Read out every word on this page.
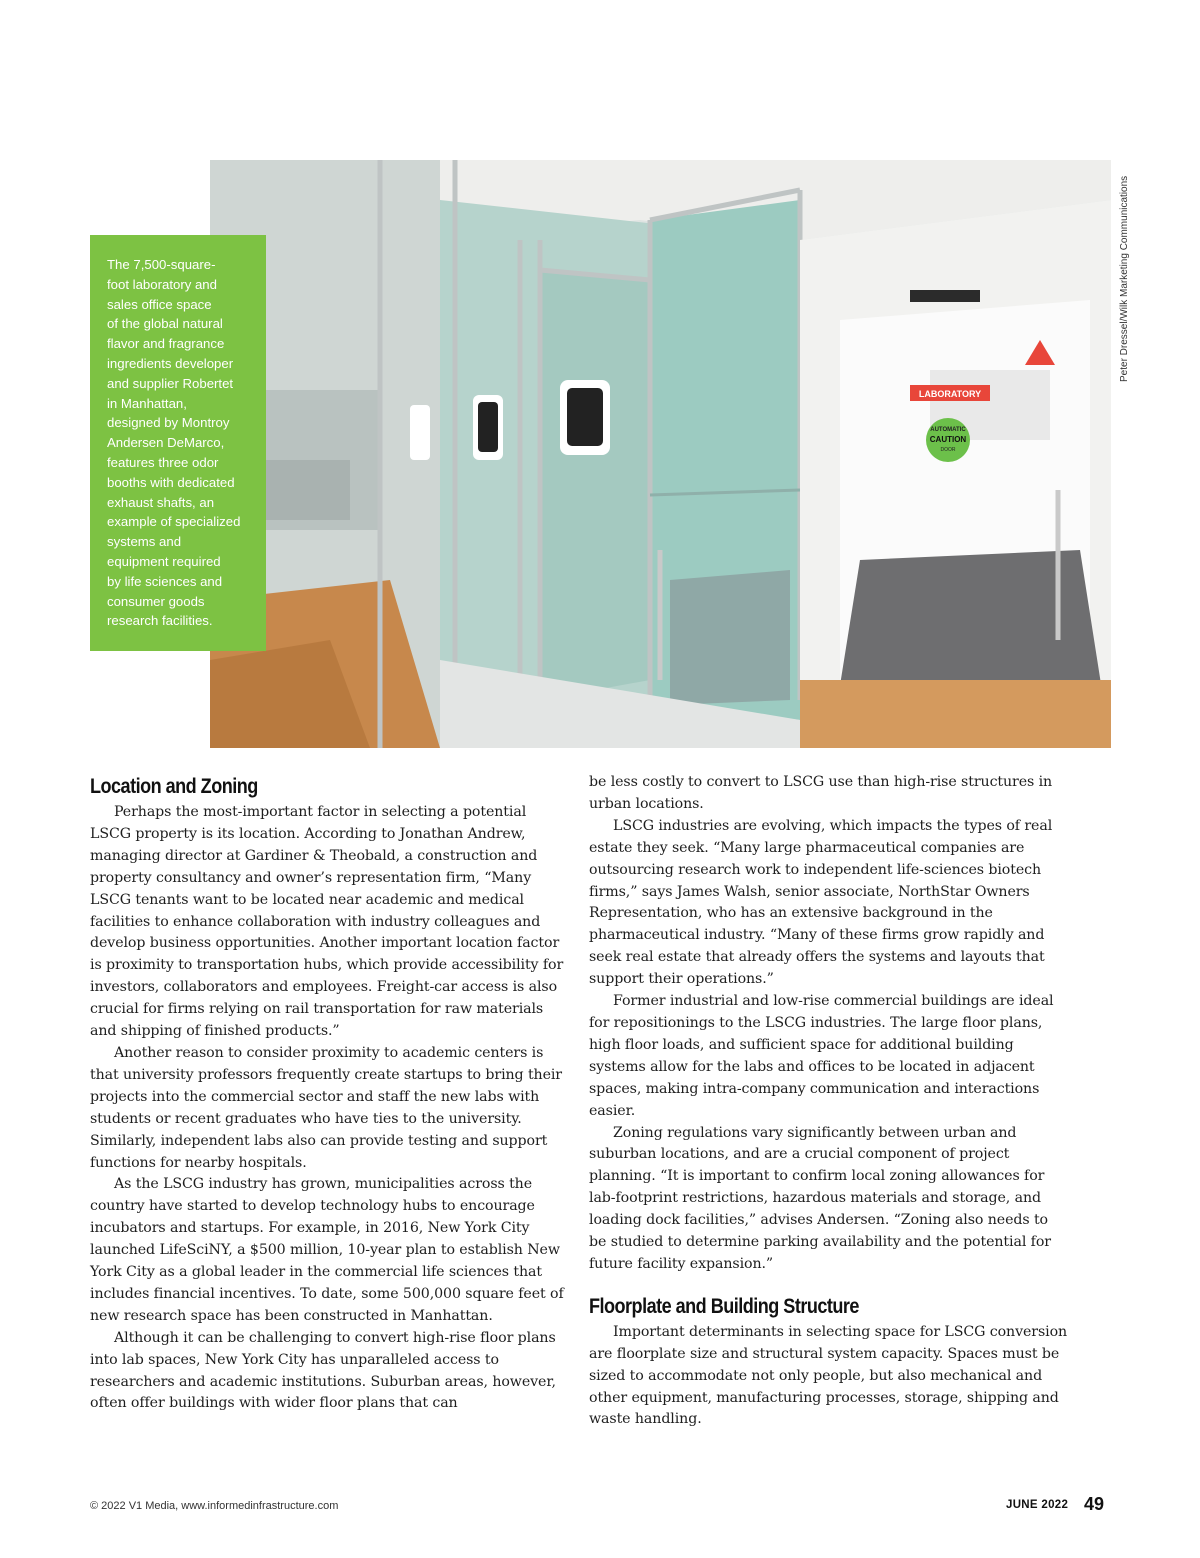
LABORATORY
AUTOMATIC
CAUTION
DOOR
The 7,500-square-
foot laboratory and
sales office space
of the global natural
flavor and fragrance
ingredients developer
and supplier Robertet
in Manhattan,
designed by Montroy
Andersen DeMarco,
features three odor
booths with dedicated
exhaust shafts, an
example of specialized
systems and
equipment required
by life sciences and
consumer goods
research facilities.
Peter Dressel/Wilk Marketing Communications
Location and Zoning

Perhaps the most-important factor in selecting a potential LSCG property is its location. According to Jonathan Andrew, managing director at Gardiner & Theobald, a construction and property consultancy and owner’s representation firm, “Many LSCG tenants want to be located near academic and medical facilities to enhance collaboration with industry colleagues and develop business opportunities. Another important location factor is proximity to transportation hubs, which provide accessibility for investors, collaborators and employees. Freight-car access is also crucial for firms relying on rail transportation for raw materials and shipping of finished products.”

Another reason to consider proximity to academic centers is that university professors frequently create startups to bring their projects into the commercial sector and staff the new labs with students or recent graduates who have ties to the university. Similarly, independent labs also can provide testing and support functions for nearby hospitals.

As the LSCG industry has grown, municipalities across the country have started to develop technology hubs to encourage incubators and startups. For example, in 2016, New York City launched LifeSciNY, a $500 million, 10-year plan to establish New York City as a global leader in the commercial life sciences that includes financial incentives. To date, some 500,000 square feet of new research space has been constructed in Manhattan.

Although it can be challenging to convert high-rise floor plans into lab spaces, New York City has unparalleled access to researchers and academic institutions. Suburban areas, however, often offer buildings with wider floor plans that can

be less costly to convert to LSCG use than high-rise structures in urban locations.

LSCG industries are evolving, which impacts the types of real estate they seek. “Many large pharmaceutical companies are outsourcing research work to independent life-sciences biotech firms,” says James Walsh, senior associate, NorthStar Owners Representation, who has an extensive background in the pharmaceutical industry. “Many of these firms grow rapidly and seek real estate that already offers the systems and layouts that support their operations.”

Former industrial and low-rise commercial buildings are ideal for repositionings to the LSCG industries. The large floor plans, high floor loads, and sufficient space for additional building systems allow for the labs and offices to be located in adjacent spaces, making intra-company communication and interactions easier.

Zoning regulations vary significantly between urban and suburban locations, and are a crucial component of project planning. “It is important to confirm local zoning allowances for lab-footprint restrictions, hazardous materials and storage, and loading dock facilities,” advises Andersen. “Zoning also needs to be studied to determine parking availability and the potential for future facility expansion.”

Floorplate and Building Structure

Important determinants in selecting space for LSCG conversion are floorplate size and structural system capacity. Spaces must be sized to accommodate not only people, but also mechanical and other equipment, manufacturing processes, storage, shipping and waste handling.

© 2022 V1 Media, www.informedinfrastructure.com	JUNE 2022 49
